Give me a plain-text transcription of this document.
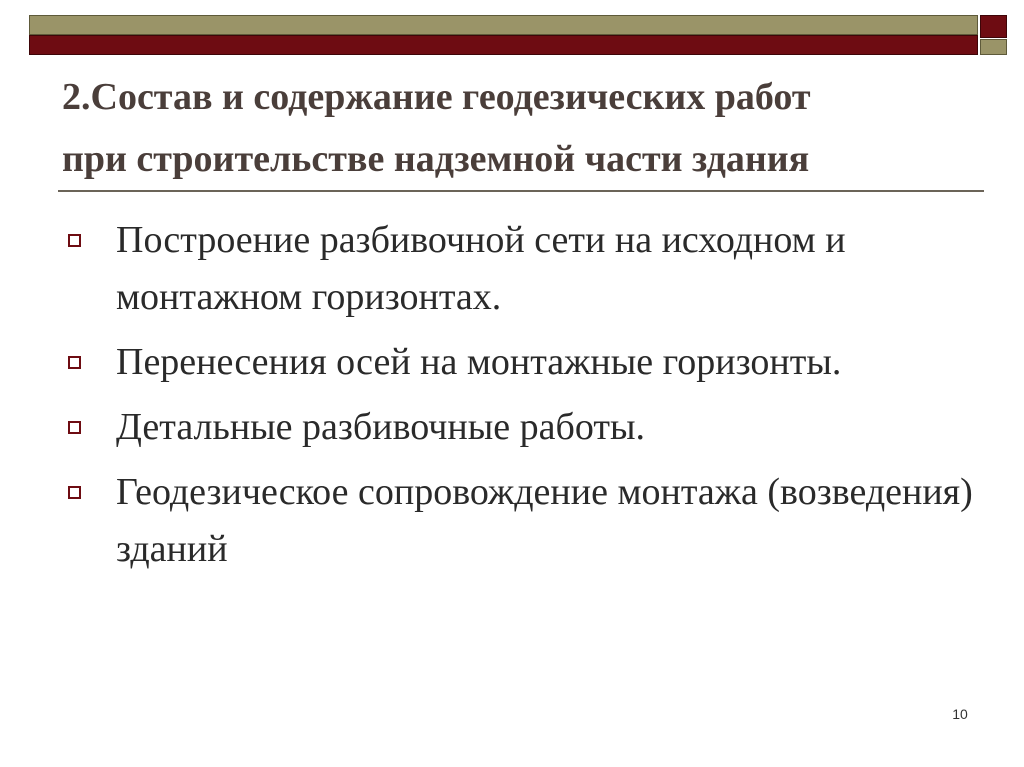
2.Состав и содержание геодезических работ
при строительстве надземной части здания
Построение разбивочной сети на исходном и монтажном горизонтах.
Перенесения осей на монтажные горизонты.
Детальные разбивочные работы.
Геодезическое сопровождение монтажа (возведения) зданий
10
